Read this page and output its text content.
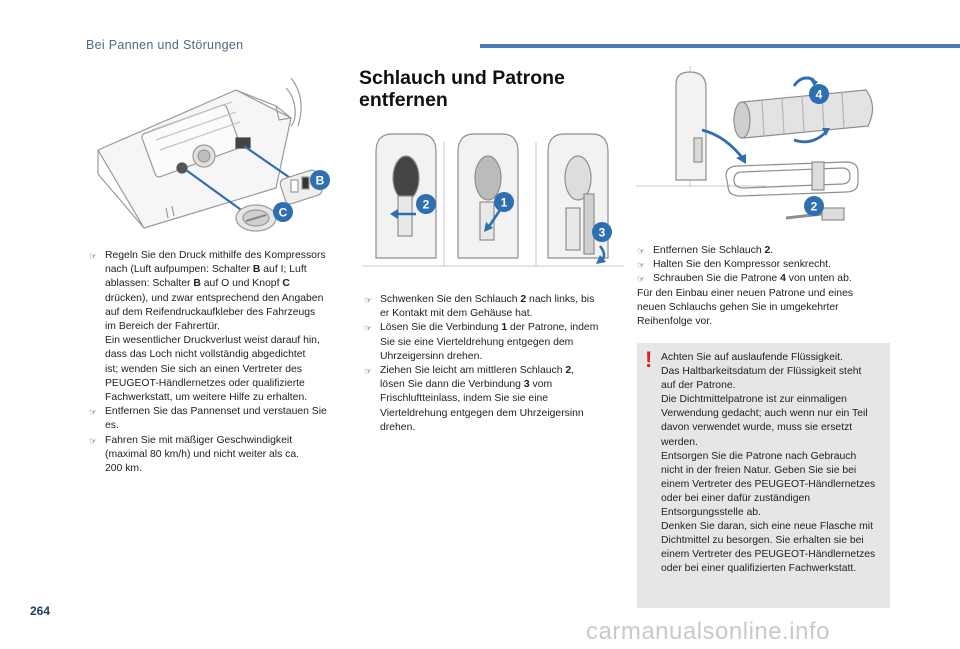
Bei Pannen und Störungen
B
C
☞ Regeln Sie den Druck mithilfe des Kompressors
nach (Luft aufpumpen: Schalter B auf I; Luft
ablassen: Schalter B auf O und Knopf C
drücken), und zwar entsprechend den Angaben
auf dem Reifendruckaufkleber des Fahrzeugs
im Bereich der Fahrertür.
Ein wesentlicher Druckverlust weist darauf hin,
dass das Loch nicht vollständig abgedichtet
ist; wenden Sie sich an einen Vertreter des
PEUGEOT-Händlernetzes oder qualifizierte
Fachwerkstatt, um weitere Hilfe zu erhalten.
☞ Entfernen Sie das Pannenset und verstauen Sie
es.
☞ Fahren Sie mit mäßiger Geschwindigkeit
(maximal 80 km/h) und nicht weiter als ca.
200 km.
Schlauch und Patrone
entfernen
2	1
3
☞ Schwenken Sie den Schlauch 2 nach links, bis
er Kontakt mit dem Gehäuse hat.
☞ Lösen Sie die Verbindung 1 der Patrone, indem
Sie sie eine Vierteldrehung entgegen dem
Uhrzeigersinn drehen.
☞ Ziehen Sie leicht am mittleren Schlauch 2,
lösen Sie dann die Verbindung 3 vom
Frischluftteinlass, indem Sie sie eine
Vierteldrehung entgegen dem Uhrzeigersinn
drehen.
4
2
☞ Entfernen Sie Schlauch 2.
☞ Halten Sie den Kompressor senkrecht.
☞ Schrauben Sie die Patrone 4 von unten ab.
Für den Einbau einer neuen Patrone und eines
neuen Schlauchs gehen Sie in umgekehrter
Reihenfolge vor.
! Achten Sie auf auslaufende Flüssigkeit.
Das Haltbarkeitsdatum der Flüssigkeit steht
auf der Patrone.
Die Dichtmittelpatrone ist zur einmaligen
Verwendung gedacht; auch wenn nur ein Teil
davon verwendet wurde, muss sie ersetzt
werden.
Entsorgen Sie die Patrone nach Gebrauch
nicht in der freien Natur. Geben Sie sie bei
einem Vertreter des PEUGEOT-Händlernetzes
oder bei einer dafür zuständigen
Entsorgungsstelle ab.
Denken Sie daran, sich eine neue Flasche mit
Dichtmittel zu besorgen. Sie erhalten sie bei
einem Vertreter des PEUGEOT-Händlernetzes
oder bei einer qualifizierten Fachwerkstatt.
264
carmanualsonline.info
